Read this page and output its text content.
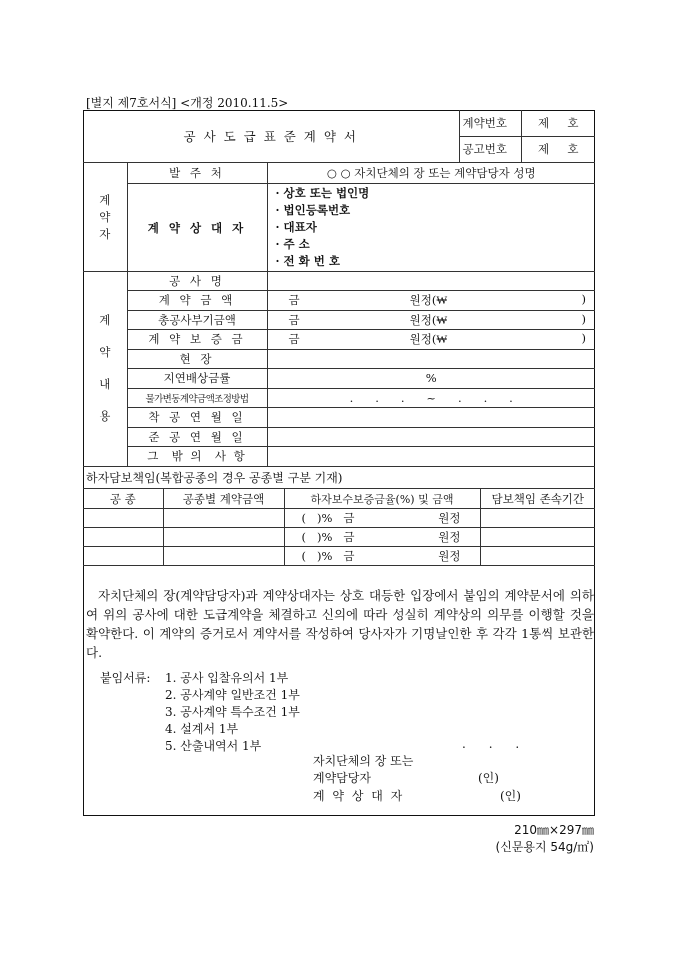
[별지 제7호서식] <개정 2010.11.5>
공 사 도 급 표 준 계 약 서	계약번호	제     호
	공고번호	제     호
계
약
자	발 주 처	○ ○ 자치단체의 장 또는 계약담당자 성명
	계 약 상 대 자	· 상호 또는 법인명
· 법인등록번호
· 대표자
· 주 소
· 전 화 번 호
계
약
내
용	공 사 명	
	계 약 금 액	금 원정(₩ )

	총공사부기금액	금 원정(₩ )

	계 약 보 증 금	금 원정(₩ )

	현 장	
	지연배상금률	%
	물가변동계약금액조정방법	.      .      .      ~      .      .      .
	착 공 연 월 일	
	준 공 연 월 일	
	그  밖 의  사 항	
하자담보책임(복합공종의 경우 공종별 구분 기재)			
공 종	공종별 계약금액	하자보수보증금율(%) 및 금액	담보책임 존속기간

		(   )%   금 원정	

		(   )%   금 원정	

		(   )%   금 원정	

자치단체의 장(계약담당자)과 계약상대자는 상호 대등한 입장에서 붙임의 계약문서에 의하여 위의 공사에 대한 도급계약을 체결하고 신의에 따라 성실히 계약상의 의무를 이행할 것을 확약한다. 이 계약의 증거로서 계약서를 작성하여 당사자가 기명날인한 후 각각 1통씩 보관한다.
붙임서류:	1. 공사 입찰유의서 1부
2. 공사계약 일반조건 1부
3. 공사계약 특수조건 1부
4. 설계서 1부
5. 산출내역서 1부	.      .      .
자치단체의 장 또는
계약담당자	(인)
계 약 상 대 자	(인)
210㎜×297㎜
(신문용지 54g/㎡)
